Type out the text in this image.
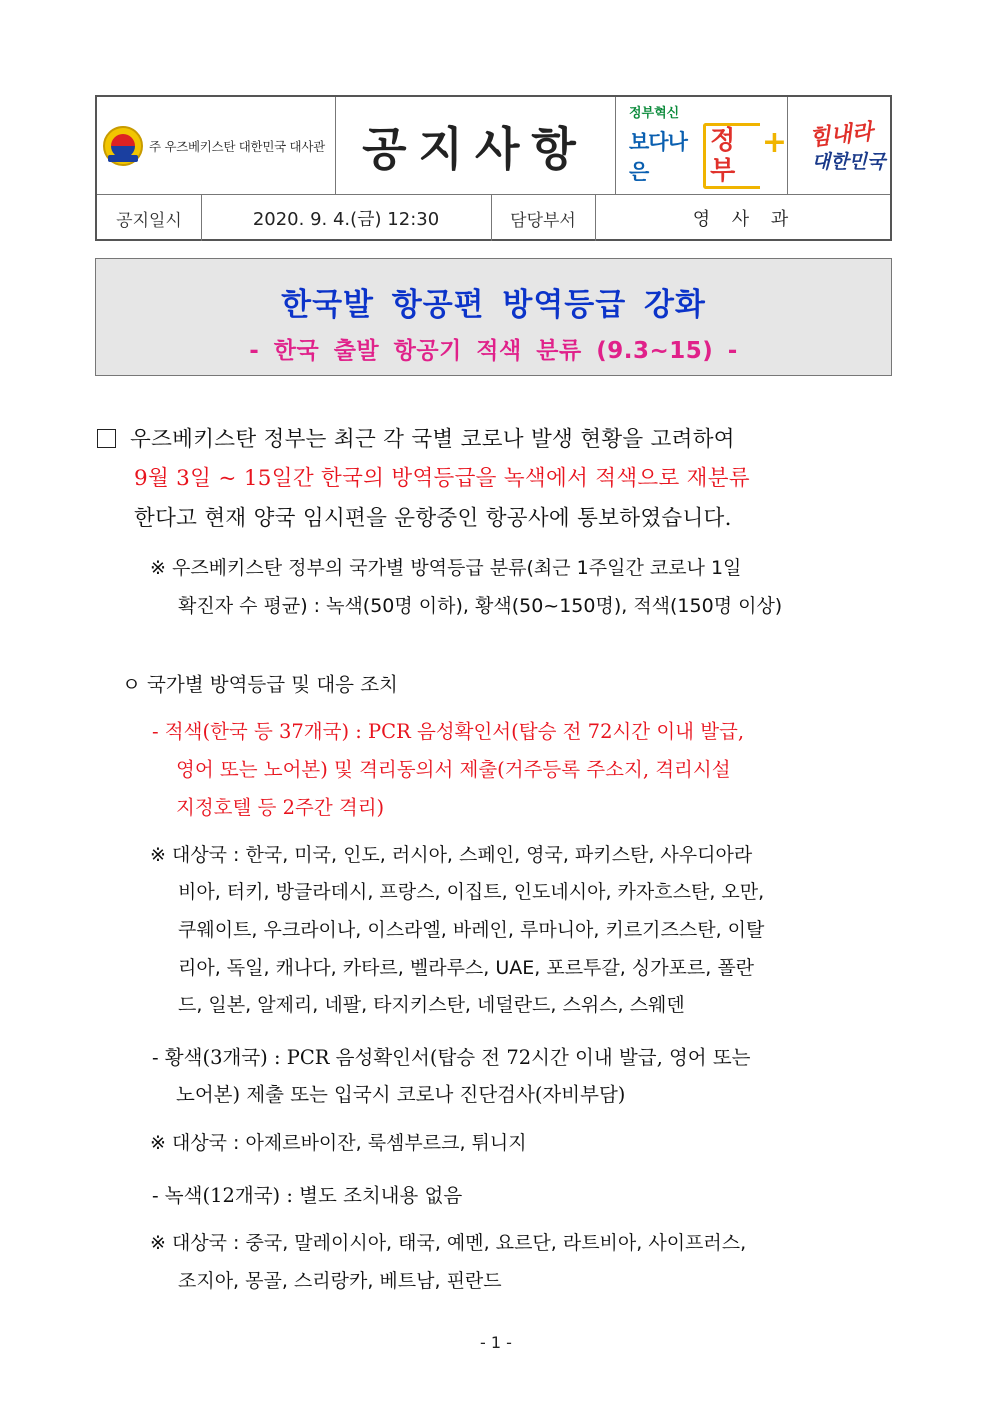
주 우즈베키스탄 대한민국 대사관 공지사항
정부혁신
보다나은
정부
+ 힘내라
대한민국
공지일시	2020. 9. 4.(금) 12:30	담당부서	영 사 과
한국발 항공편 방역등급 강화
- 한국 출발 항공기 적색 분류 (9.3~15) -
우즈베키스탄 정부는 최근 각 국별 코로나 발생 현황을 고려하여
9월 3일 ~ 15일간 한국의 방역등급을 녹색에서 적색으로 재분류
한다고 현재 양국 임시편을 운항중인 항공사에 통보하였습니다.
※ 우즈베키스탄 정부의 국가별 방역등급 분류(최근 1주일간 코로나 1일
확진자 수 평균) : 녹색(50명 이하), 황색(50~150명), 적색(150명 이상)
ㅇ 국가별 방역등급 및 대응 조치
- 적색(한국 등 37개국) : PCR 음성확인서(탑승 전 72시간 이내 발급,
영어 또는 노어본) 및 격리동의서 제출(거주등록 주소지, 격리시설
지정호텔 등 2주간 격리)
※ 대상국 : 한국, 미국, 인도, 러시아, 스페인, 영국, 파키스탄, 사우디아라
비아, 터키, 방글라데시, 프랑스, 이집트, 인도네시아, 카자흐스탄, 오만,
쿠웨이트, 우크라이나, 이스라엘, 바레인, 루마니아, 키르기즈스탄, 이탈
리아, 독일, 캐나다, 카타르, 벨라루스, UAE, 포르투갈, 싱가포르, 폴란
드, 일본, 알제리, 네팔, 타지키스탄, 네덜란드, 스위스, 스웨덴
- 황색(3개국) : PCR 음성확인서(탑승 전 72시간 이내 발급, 영어 또는
노어본) 제출 또는 입국시 코로나 진단검사(자비부담)
※ 대상국 : 아제르바이잔, 룩셈부르크, 튀니지
- 녹색(12개국) : 별도 조치내용 없음
※ 대상국 : 중국, 말레이시아, 태국, 예멘, 요르단, 라트비아, 사이프러스,
조지아, 몽골, 스리랑카, 베트남, 핀란드
- 1 -
